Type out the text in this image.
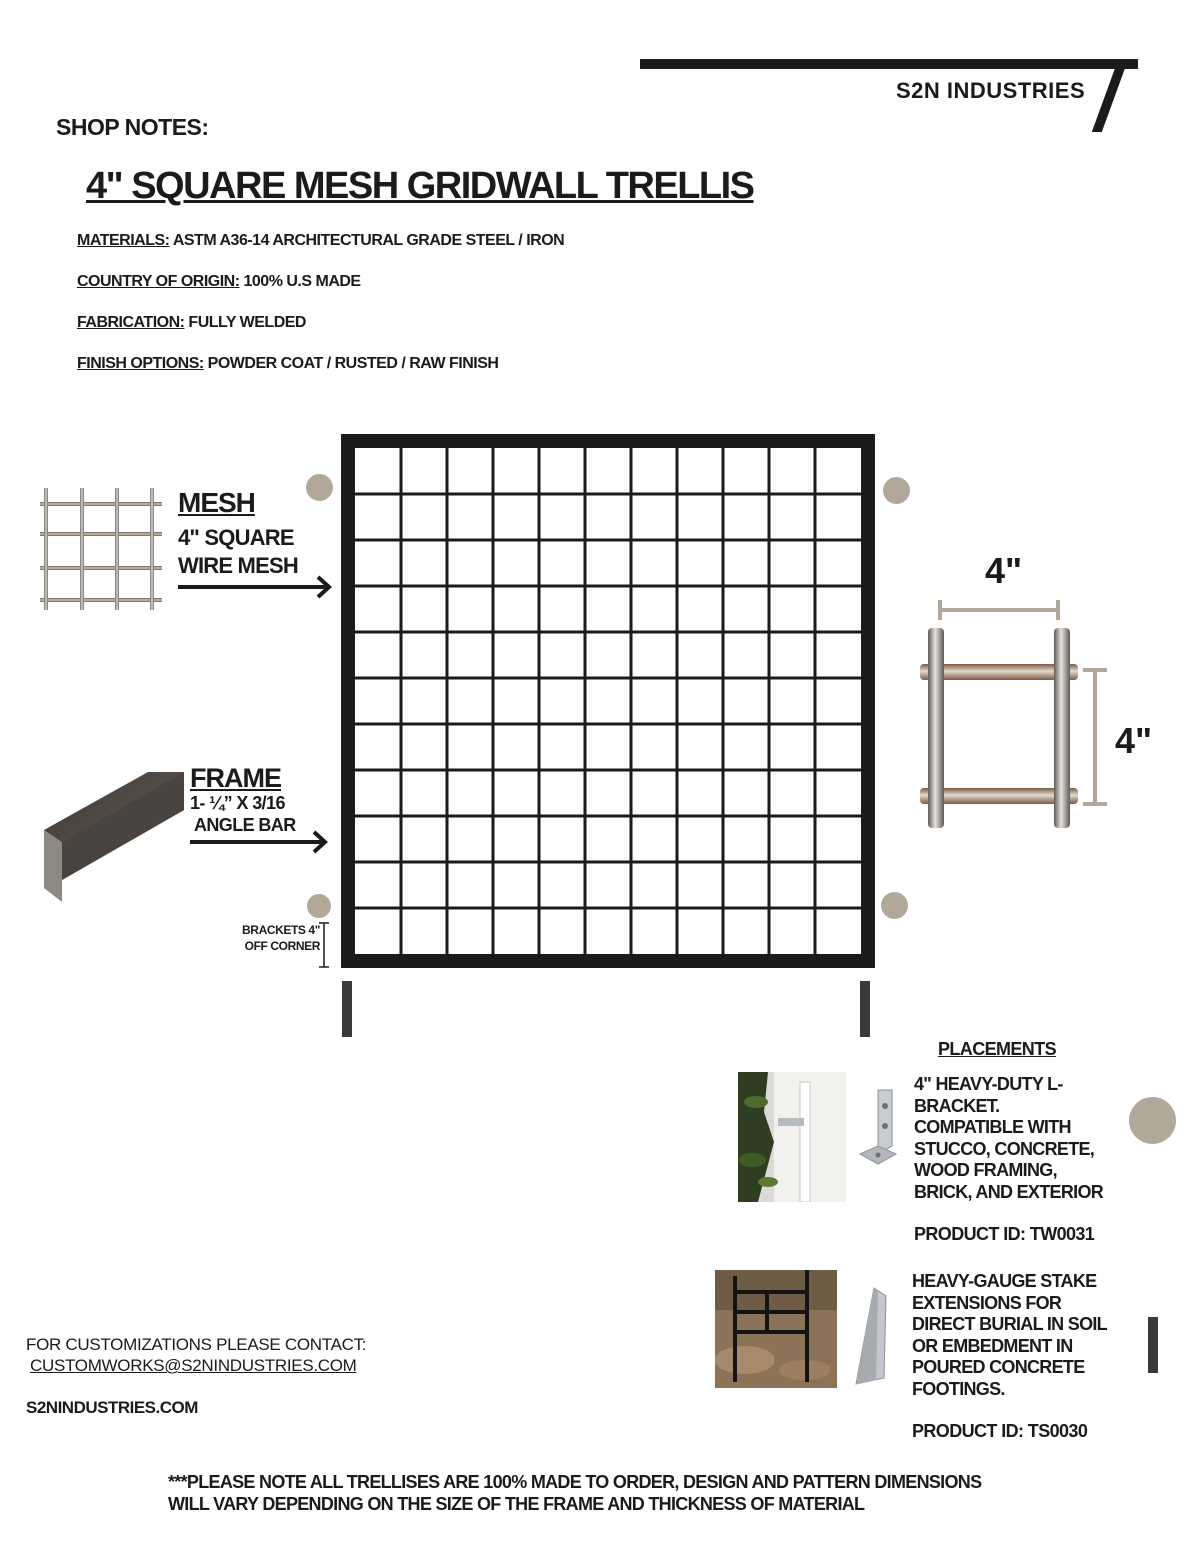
S2N INDUSTRIES
SHOP NOTES:
4" SQUARE MESH GRIDWALL TRELLIS
MATERIALS: ASTM A36-14 ARCHITECTURAL GRADE STEEL / IRON
COUNTRY OF ORIGIN: 100% U.S MADE
FABRICATION: FULLY WELDED
FINISH OPTIONS: POWDER COAT / RUSTED / RAW FINISH
MESH
4" SQUARE
WIRE MESH
FRAME
1- ¼” X 3/16
ANGLE BAR
BRACKETS 4"
OFF CORNER
4"
4"
PLACEMENTS
4" HEAVY-DUTY L-
BRACKET.
COMPATIBLE WITH
STUCCO, CONCRETE,
WOOD FRAMING,
BRICK, AND EXTERIOR
PRODUCT ID: TW0031
HEAVY-GAUGE STAKE
EXTENSIONS FOR
DIRECT BURIAL IN SOIL
OR EMBEDMENT IN
POURED CONCRETE
FOOTINGS.
PRODUCT ID: TS0030
FOR CUSTOMIZATIONS PLEASE CONTACT:
CUSTOMWORKS@S2NINDUSTRIES.COM
S2NINDUSTRIES.COM
***PLEASE NOTE ALL TRELLISES ARE 100% MADE TO ORDER, DESIGN AND PATTERN DIMENSIONS
WILL VARY DEPENDING ON THE SIZE OF THE FRAME AND THICKNESS OF MATERIAL
